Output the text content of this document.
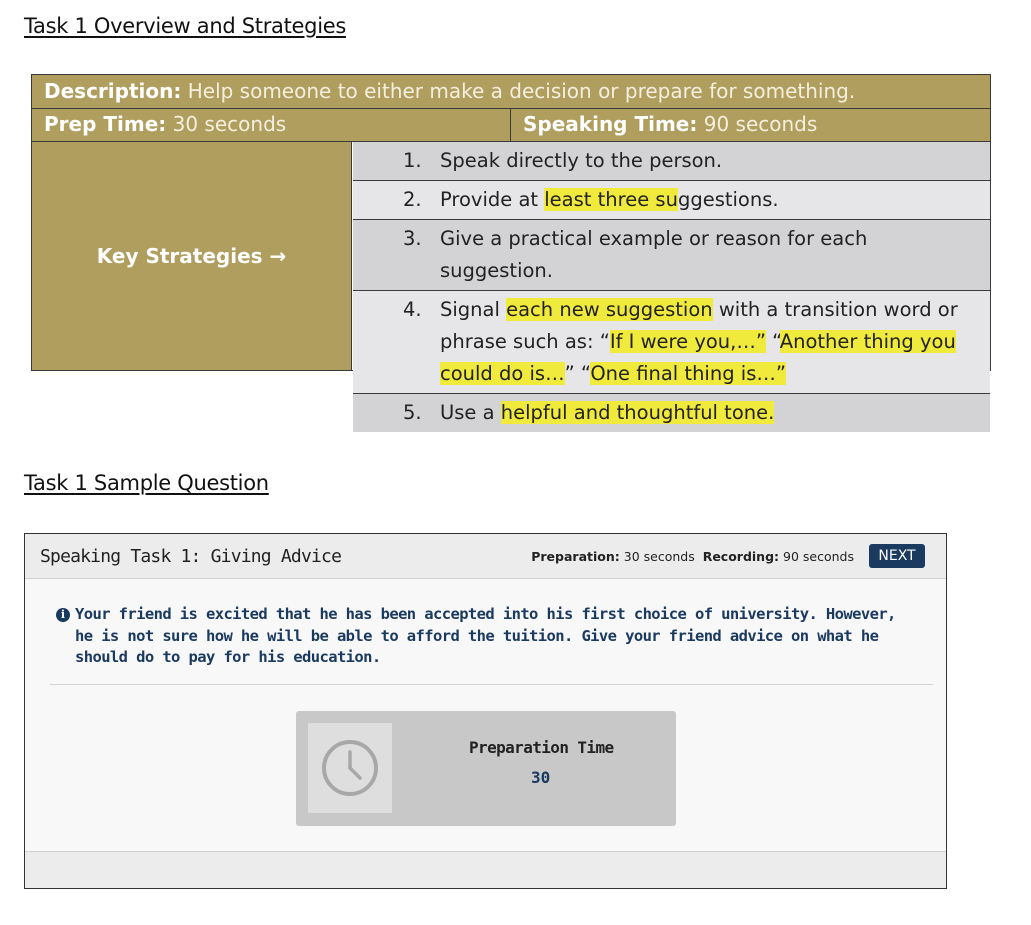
Task 1 Overview and Strategies
Description: Help someone to either make a decision or prepare for something.
Prep Time: 30 seconds	Speaking Time: 90 seconds
Key Strategies →
1. Speak directly to the person.
2. Provide at least three suggestions.
3. Give a practical example or reason for each suggestion.
4. Signal each new suggestion with a transition word or phrase such as: “If I were you,…” “Another thing you could do is…” “One final thing is…”
5. Use a helpful and thoughtful tone.
Task 1 Sample Question
Speaking Task 1: Giving Advice	Preparation: 30 seconds Recording: 90 seconds	NEXT
i Your friend is excited that he has been accepted into his first choice of university. However, he is not sure how he will be able to afford the tuition. Give your friend advice on what he should do to pay for his education.
Preparation Time
30
